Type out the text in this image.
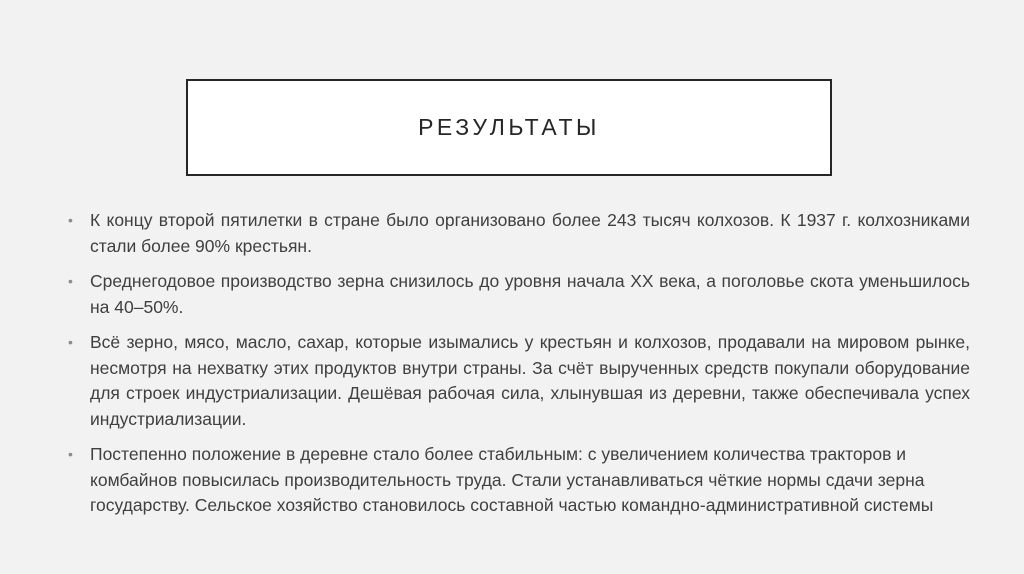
РЕЗУЛЬТАТЫ
• К концу второй пятилетки в стране было организовано более 243 тысяч колхозов. К 1937 г. колхозниками стали более 90% крестьян.
• Среднегодовое производство зерна снизилось до уровня начала XX века, а поголовье скота уменьшилось на 40–50%.
• Всё зерно, мясо, масло, сахар, которые изымались у крестьян и колхозов, продавали на мировом рынке, несмотря на нехватку этих продуктов внутри страны. За счёт вырученных средств покупали оборудование для строек индустриализации. Дешёвая рабочая сила, хлынувшая из деревни, также обеспечивала успех индустриализации.
• Постепенно положение в деревне стало более стабильным: с увеличением количества тракторов и комбайнов повысилась производительность труда. Стали устанавливаться чёткие нормы сдачи зерна государству. Сельское хозяйство становилось составной частью командно-административной системы
